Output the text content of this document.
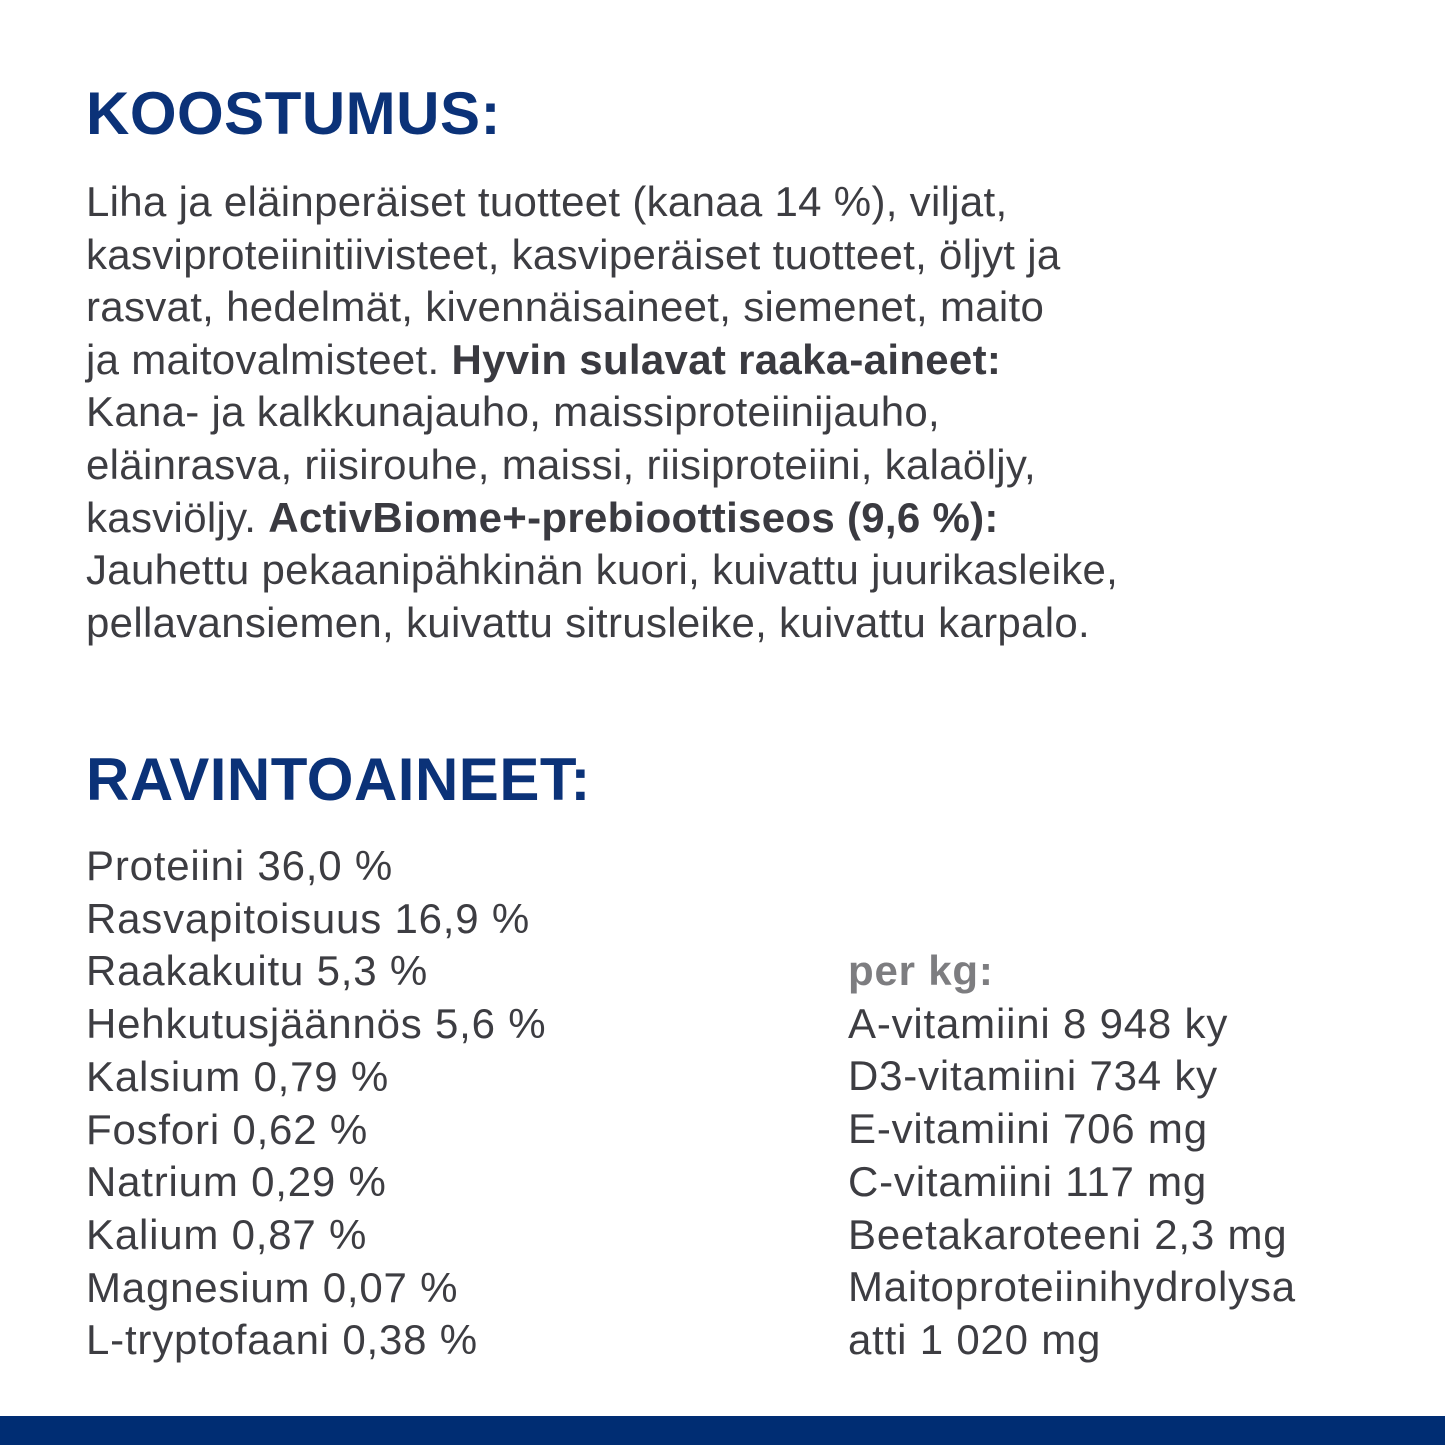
KOOSTUMUS:

Liha ja eläinperäiset tuotteet (kanaa 14 %), viljat,
kasviproteiinitiivisteet, kasviperäiset tuotteet, öljyt ja
rasvat, hedelmät, kivennäisaineet, siemenet, maito
ja maitovalmisteet. Hyvin sulavat raaka-aineet:
Kana- ja kalkkunajauho, maissiproteiinijauho,
eläinrasva, riisirouhe, maissi, riisiproteiini, kalaöljy,
kasviöljy. ActivBiome+-prebioottiseos (9,6 %):
Jauhettu pekaanipähkinän kuori, kuivattu juurikasleike,
pellavansiemen, kuivattu sitrusleike, kuivattu karpalo.

RAVINTOAINEET:
Proteiini 36,0 %
Rasvapitoisuus 16,9 %
Raakakuitu 5,3 %
Hehkutusjäännös 5,6 %
Kalsium 0,79 %
Fosfori 0,62 %
Natrium 0,29 %
Kalium 0,87 %
Magnesium 0,07 %
L-tryptofaani 0,38 %
per kg:
A-vitamiini 8 948 ky
D3-vitamiini 734 ky
E-vitamiini 706 mg
C-vitamiini 117 mg
Beetakaroteeni 2,3 mg
Maitoproteiinihydrolysa
atti 1 020 mg
